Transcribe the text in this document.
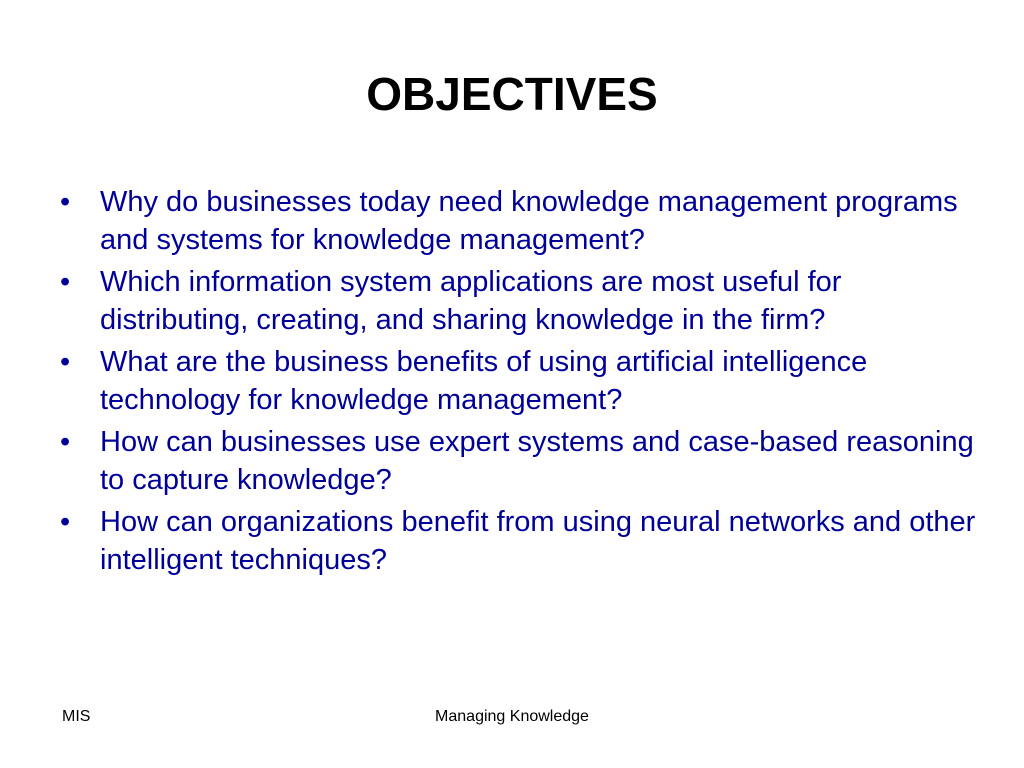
OBJECTIVES
• Why do businesses today need knowledge management programs and systems for knowledge management?
• Which information system applications are most useful for distributing, creating, and sharing knowledge in the firm?
• What are the business benefits of using artificial intelligence technology for knowledge management?
• How can businesses use expert systems and case-based reasoning to capture knowledge?
• How can organizations benefit from using neural networks and other intelligent techniques?
MIS	Managing Knowledge
